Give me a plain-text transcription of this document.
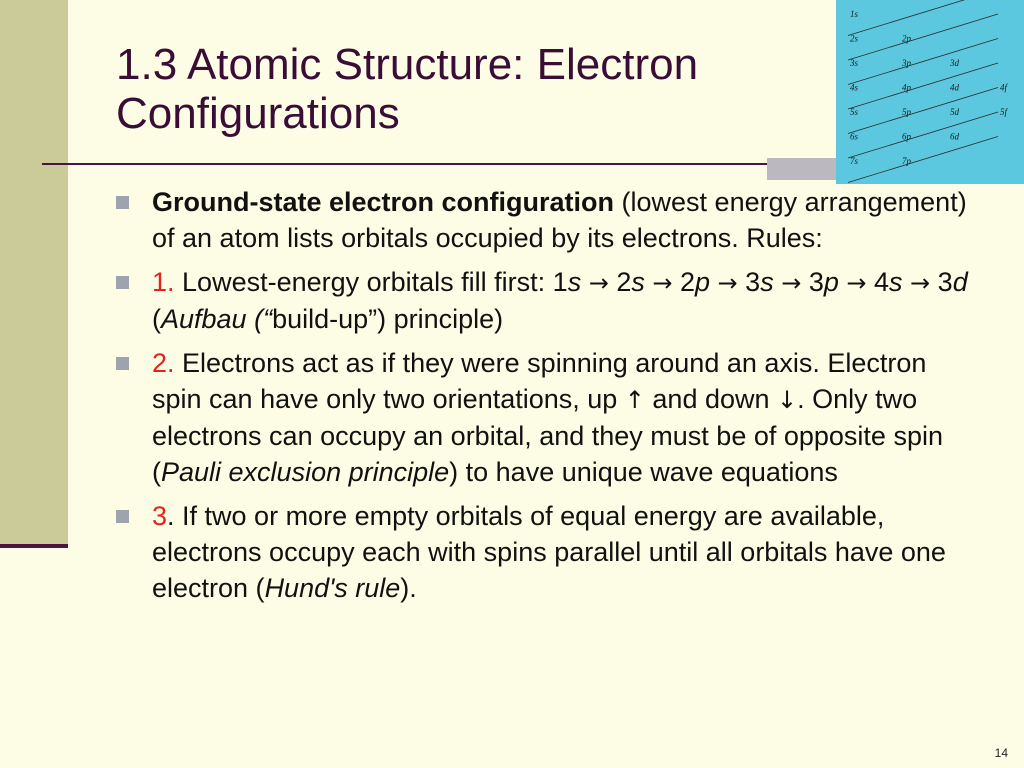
1.3 Atomic Structure: Electron Configurations
1s
2s	2p
3s	3p	3d
4s	4p	4d	4f
5s	5p	5d	5f
6s	6p	6d
7s	7p
Ground-state electron configuration (lowest energy arrangement) of an atom lists orbitals occupied by its electrons. Rules:
1. Lowest-energy orbitals fill first: 1s → 2s → 2p → 3s → 3p → 4s → 3d (Aufbau (“build-up”) principle)
2. Electrons act as if they were spinning around an axis. Electron spin can have only two orientations, up ↑ and down ↓. Only two electrons can occupy an orbital, and they must be of opposite spin (Pauli exclusion principle) to have unique wave equations
3. If two or more empty orbitals of equal energy are available, electrons occupy each with spins parallel until all orbitals have one electron (Hund's rule).
14
